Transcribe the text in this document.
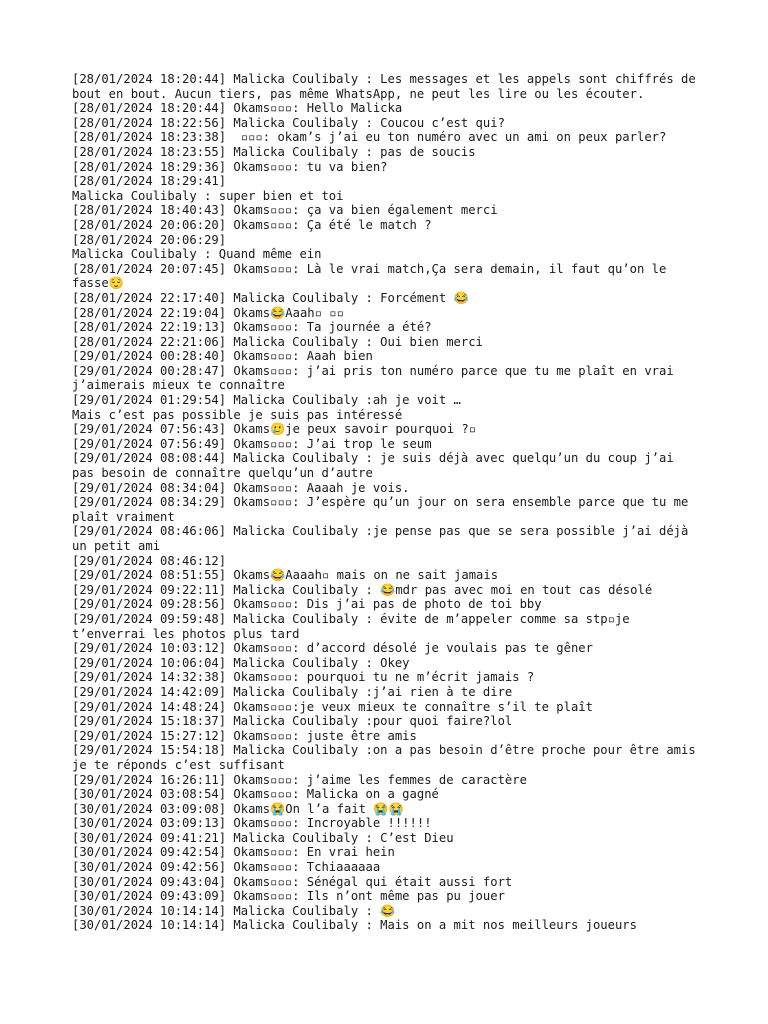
[28/01/2024 18:20:44] Malicka Coulibaly : Les messages et les appels sont chiffrés de bout en bout. Aucun tiers, pas même WhatsApp, ne peut les lire ou les écouter.
[28/01/2024 18:20:44] Okams▫▫▫: Hello Malicka
[28/01/2024 18:22:56] Malicka Coulibaly : Coucou c’est qui?
[28/01/2024 18:23:38]  ▫▫▫: okam’s j’ai eu ton numéro avec un ami on peux parler?
[28/01/2024 18:23:55] Malicka Coulibaly : pas de soucis
[28/01/2024 18:29:36] Okams▫▫▫: tu va bien?
[28/01/2024 18:29:41]
Malicka Coulibaly : super bien et toi
[28/01/2024 18:40:43] Okams▫▫▫: ça va bien également merci
[28/01/2024 20:06:20] Okams▫▫▫: Ça été le match ?
[28/01/2024 20:06:29]
Malicka Coulibaly : Quand même ein
[28/01/2024 20:07:45] Okams▫▫▫: Là le vrai match,Ça sera demain, il faut qu’on le fasse😌
[28/01/2024 22:17:40] Malicka Coulibaly : Forcément 😂
[28/01/2024 22:19:04] Okams😂Aaah▫ ▫▫
[28/01/2024 22:19:13] Okams▫▫▫: Ta journée a été?
[28/01/2024 22:21:06] Malicka Coulibaly : Oui bien merci
[29/01/2024 00:28:40] Okams▫▫▫: Aaah bien
[29/01/2024 00:28:47] Okams▫▫▫: j’ai pris ton numéro parce que tu me plaît en vrai j’aimerais mieux te connaître
[29/01/2024 01:29:54] Malicka Coulibaly :ah je voit …
Mais c’est pas possible je suis pas intéressé
[29/01/2024 07:56:43] Okams🥲je peux savoir pourquoi ?▫
[29/01/2024 07:56:49] Okams▫▫▫: J’ai trop le seum
[29/01/2024 08:08:44] Malicka Coulibaly : je suis déjà avec quelqu’un du coup j’ai pas besoin de connaître quelqu’un d’autre
[29/01/2024 08:34:04] Okams▫▫▫: Aaaah je vois.
[29/01/2024 08:34:29] Okams▫▫▫: J’espère qu’un jour on sera ensemble parce que tu me plaît vraiment
[29/01/2024 08:46:06] Malicka Coulibaly :je pense pas que se sera possible j’ai déjà un petit ami
[29/01/2024 08:46:12]
[29/01/2024 08:51:55] Okams😂Aaaah▫ mais on ne sait jamais
[29/01/2024 09:22:11] Malicka Coulibaly : 😂mdr pas avec moi en tout cas désolé
[29/01/2024 09:28:56] Okams▫▫▫: Dis j’ai pas de photo de toi bby
[29/01/2024 09:59:48] Malicka Coulibaly : évite de m’appeler comme sa stp▫je t’enverrai les photos plus tard
[29/01/2024 10:03:12] Okams▫▫▫: d’accord désolé je voulais pas te gêner
[29/01/2024 10:06:04] Malicka Coulibaly : Okey
[29/01/2024 14:32:38] Okams▫▫▫: pourquoi tu ne m’écrit jamais ?
[29/01/2024 14:42:09] Malicka Coulibaly :j’ai rien à te dire
[29/01/2024 14:48:24] Okams▫▫▫:je veux mieux te connaître s’il te plaît
[29/01/2024 15:18:37] Malicka Coulibaly :pour quoi faire?lol
[29/01/2024 15:27:12] Okams▫▫▫: juste être amis
[29/01/2024 15:54:18] Malicka Coulibaly :on a pas besoin d’être proche pour être amis je te réponds c’est suffisant
[29/01/2024 16:26:11] Okams▫▫▫: j’aime les femmes de caractère
[30/01/2024 03:08:54] Okams▫▫▫: Malicka on a gagné
[30/01/2024 03:09:08] Okams😭On l’a fait 😭😭
[30/01/2024 03:09:13] Okams▫▫▫: Incroyable !!!!!!
[30/01/2024 09:41:21] Malicka Coulibaly : C’est Dieu
[30/01/2024 09:42:54] Okams▫▫▫: En vrai hein
[30/01/2024 09:42:56] Okams▫▫▫: Tchiaaaaaa
[30/01/2024 09:43:04] Okams▫▫▫: Sénégal qui était aussi fort
[30/01/2024 09:43:09] Okams▫▫▫: Ils n’ont même pas pu jouer
[30/01/2024 10:14:14] Malicka Coulibaly : 😂
[30/01/2024 10:14:14] Malicka Coulibaly : Mais on a mit nos meilleurs joueurs
